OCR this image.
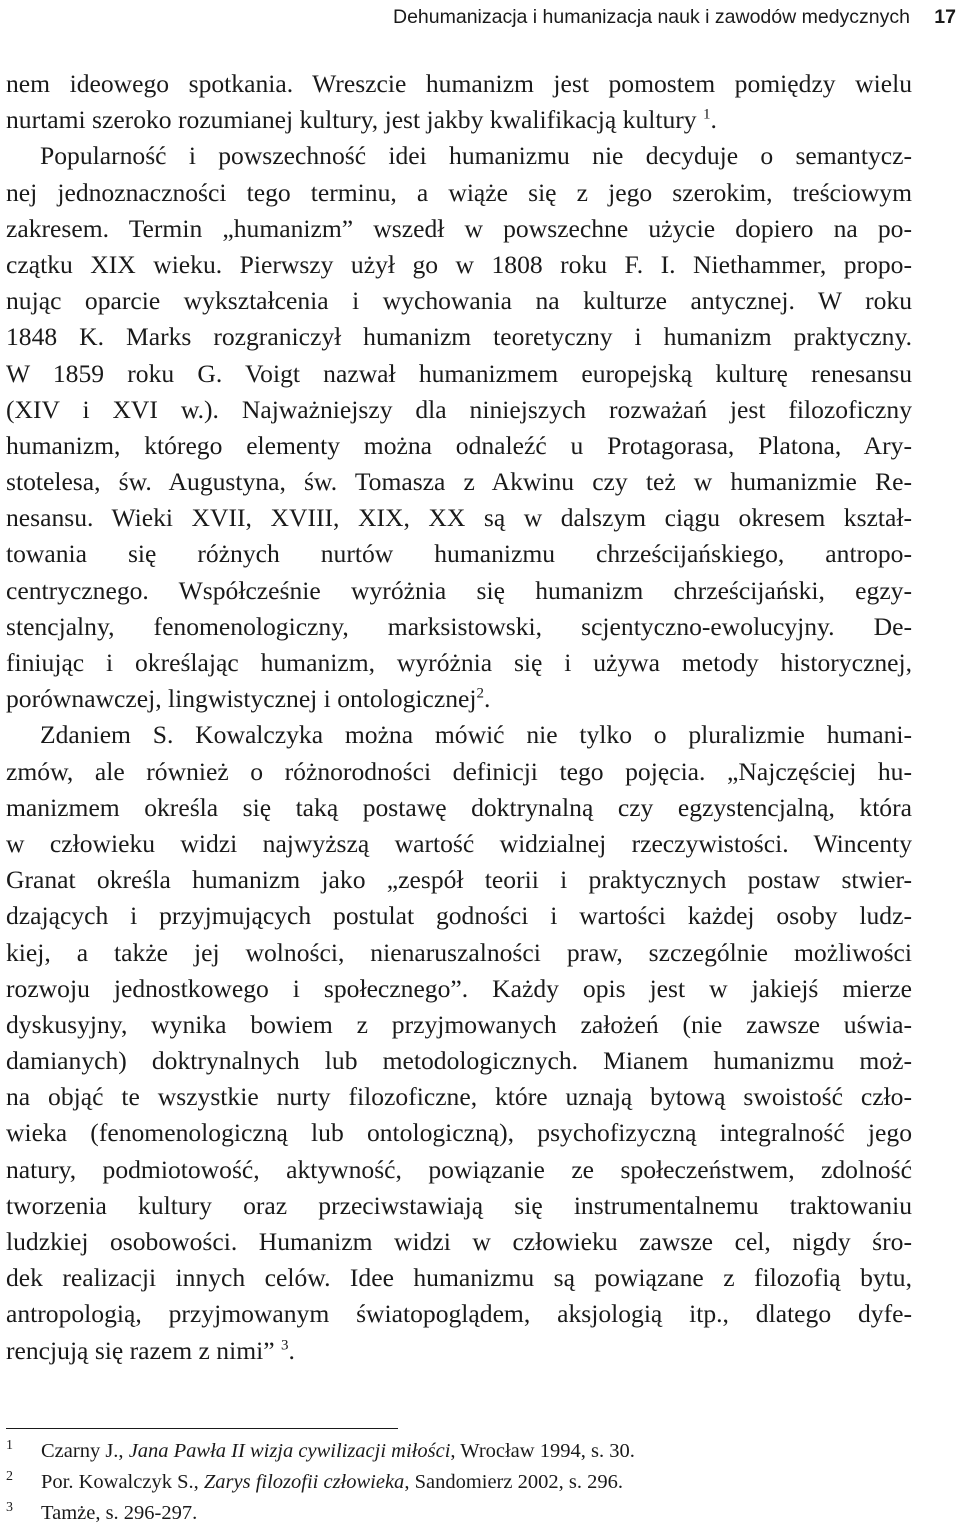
Dehumanizacja i humanizacja nauk i zawodów medycznych 17
nem ideowego spotkania. Wreszcie humanizm jest pomostem pomiędzy wielu
nurtami szeroko rozumianej kultury, jest jakby kwalifikacją kultury $^1$.
Popularność i powszechność idei humanizmu nie decyduje o semantycz-
nej jednoznaczności tego terminu, a wiąże się z jego szerokim, treściowym
zakresem. Termin „humanizm” wszedł w powszechne użycie dopiero na po-
czątku XIX wieku. Pierwszy użył go w 1808 roku F. I. Niethammer, propo-
nując oparcie wykształcenia i wychowania na kulturze antycznej. W roku
1848 K. Marks rozgraniczył humanizm teoretyczny i humanizm praktyczny.
W 1859 roku G. Voigt nazwał humanizmem europejską kulturę renesansu
(XIV i XVI w.). Najważniejszy dla niniejszych rozważań jest filozoficzny
humanizm, którego elementy można odnaleźć u Protagorasa, Platona, Ary-
stotelesa, św. Augustyna, św. Tomasza z Akwinu czy też w humanizmie Re-
nesansu. Wieki XVII, XVIII, XIX, XX są w dalszym ciągu okresem kształ-
towania się różnych nurtów humanizmu chrześcijańskiego, antropo-
centrycznego. Współcześnie wyróżnia się humanizm chrześcijański, egzy-
stencjalny, fenomenologiczny, marksistowski, scjentyczno-ewolucyjny. De-
finiując i określając humanizm, wyróżnia się i używa metody historycznej,
porównawczej, lingwistycznej i ontologicznej$^2$.
Zdaniem S. Kowalczyka można mówić nie tylko o pluralizmie humani-
zmów, ale również o różnorodności definicji tego pojęcia. „Najczęściej hu-
manizmem określa się taką postawę doktrynalną czy egzystencjalną, która
w człowieku widzi najwyższą wartość widzialnej rzeczywistości. Wincenty
Granat określa humanizm jako „zespół teorii i praktycznych postaw stwier-
dzających i przyjmujących postulat godności i wartości każdej osoby ludz-
kiej, a także jej wolności, nienaruszalności praw, szczególnie możliwości
rozwoju jednostkowego i społecznego”. Każdy opis jest w jakiejś mierze
dyskusyjny, wynika bowiem z przyjmowanych założeń (nie zawsze uświa-
damianych) doktrynalnych lub metodologicznych. Mianem humanizmu moż-
na objąć te wszystkie nurty filozoficzne, które uznają bytową swoistość czło-
wieka (fenomenologiczną lub ontologiczną), psychofizyczną integralność jego
natury, podmiotowość, aktywność, powiązanie ze społeczeństwem, zdolność
tworzenia kultury oraz przeciwstawiają się instrumentalnemu traktowaniu
ludzkiej osobowości. Humanizm widzi w człowieku zawsze cel, nigdy śro-
dek realizacji innych celów. Idee humanizmu są powiązane z filozofią bytu,
antropologią, przyjmowanym światopoglądem, aksjologią itp., dlatego dyfe-
rencjują się razem z nimi” $^3$.
1 Czarny J., Jana Pawła II wizja cywilizacji miłości, Wrocław 1994, s. 30.
2 Por. Kowalczyk S., Zarys filozofii człowieka, Sandomierz 2002, s. 296.
3 Tamże, s. 296-297.
